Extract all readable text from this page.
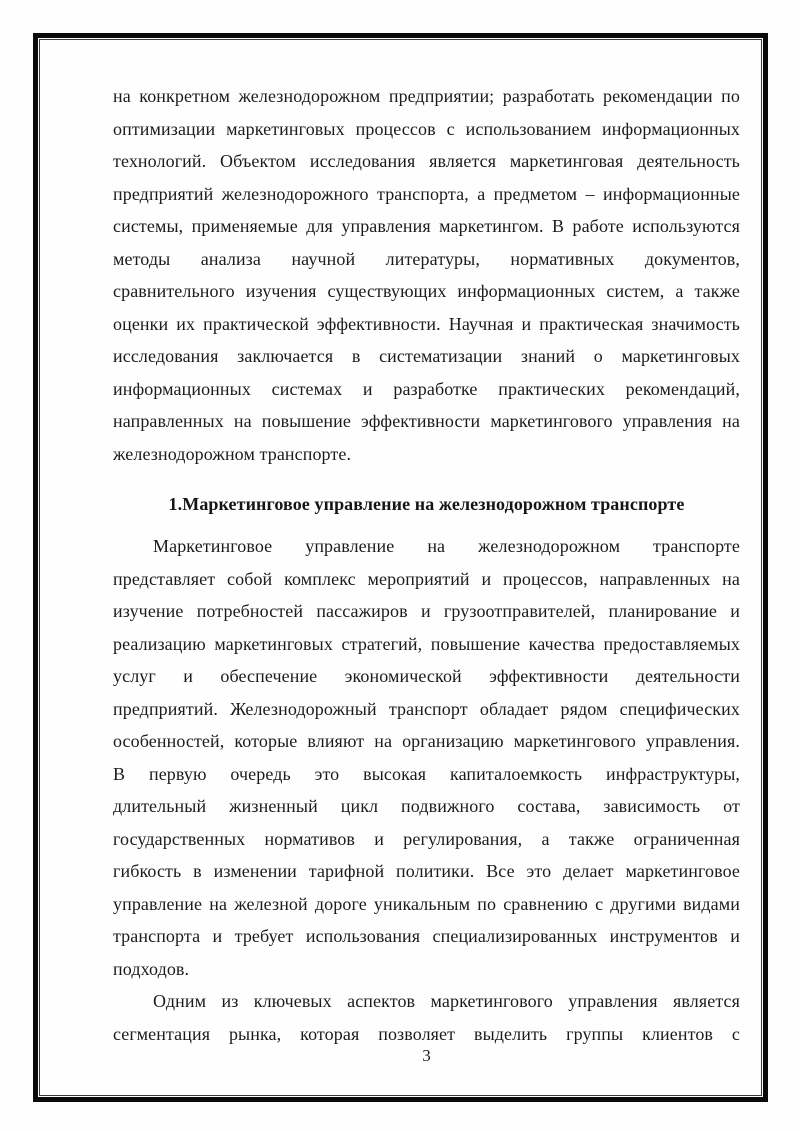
на конкретном железнодорожном предприятии; разработать рекомендации по
оптимизации маркетинговых процессов с использованием информационных
технологий. Объектом исследования является маркетинговая деятельность
предприятий железнодорожного транспорта, а предметом – информационные
системы, применяемые для управления маркетингом. В работе используются
методы анализа научной литературы, нормативных документов,
сравнительного изучения существующих информационных систем, а также
оценки их практической эффективности. Научная и практическая значимость
исследования заключается в систематизации знаний о маркетинговых
информационных системах и разработке практических рекомендаций,
направленных на повышение эффективности маркетингового управления на
железнодорожном транспорте.
1.Маркетинговое управление на железнодорожном транспорте
Маркетинговое управление на железнодорожном транспорте
представляет собой комплекс мероприятий и процессов, направленных на
изучение потребностей пассажиров и грузоотправителей, планирование и
реализацию маркетинговых стратегий, повышение качества предоставляемых
услуг и обеспечение экономической эффективности деятельности
предприятий. Железнодорожный транспорт обладает рядом специфических
особенностей, которые влияют на организацию маркетингового управления.
В первую очередь это высокая капиталоемкость инфраструктуры,
длительный жизненный цикл подвижного состава, зависимость от
государственных нормативов и регулирования, а также ограниченная
гибкость в изменении тарифной политики. Все это делает маркетинговое
управление на железной дороге уникальным по сравнению с другими видами
транспорта и требует использования специализированных инструментов и
подходов.
Одним из ключевых аспектов маркетингового управления является
сегментация рынка, которая позволяет выделить группы клиентов с
3
